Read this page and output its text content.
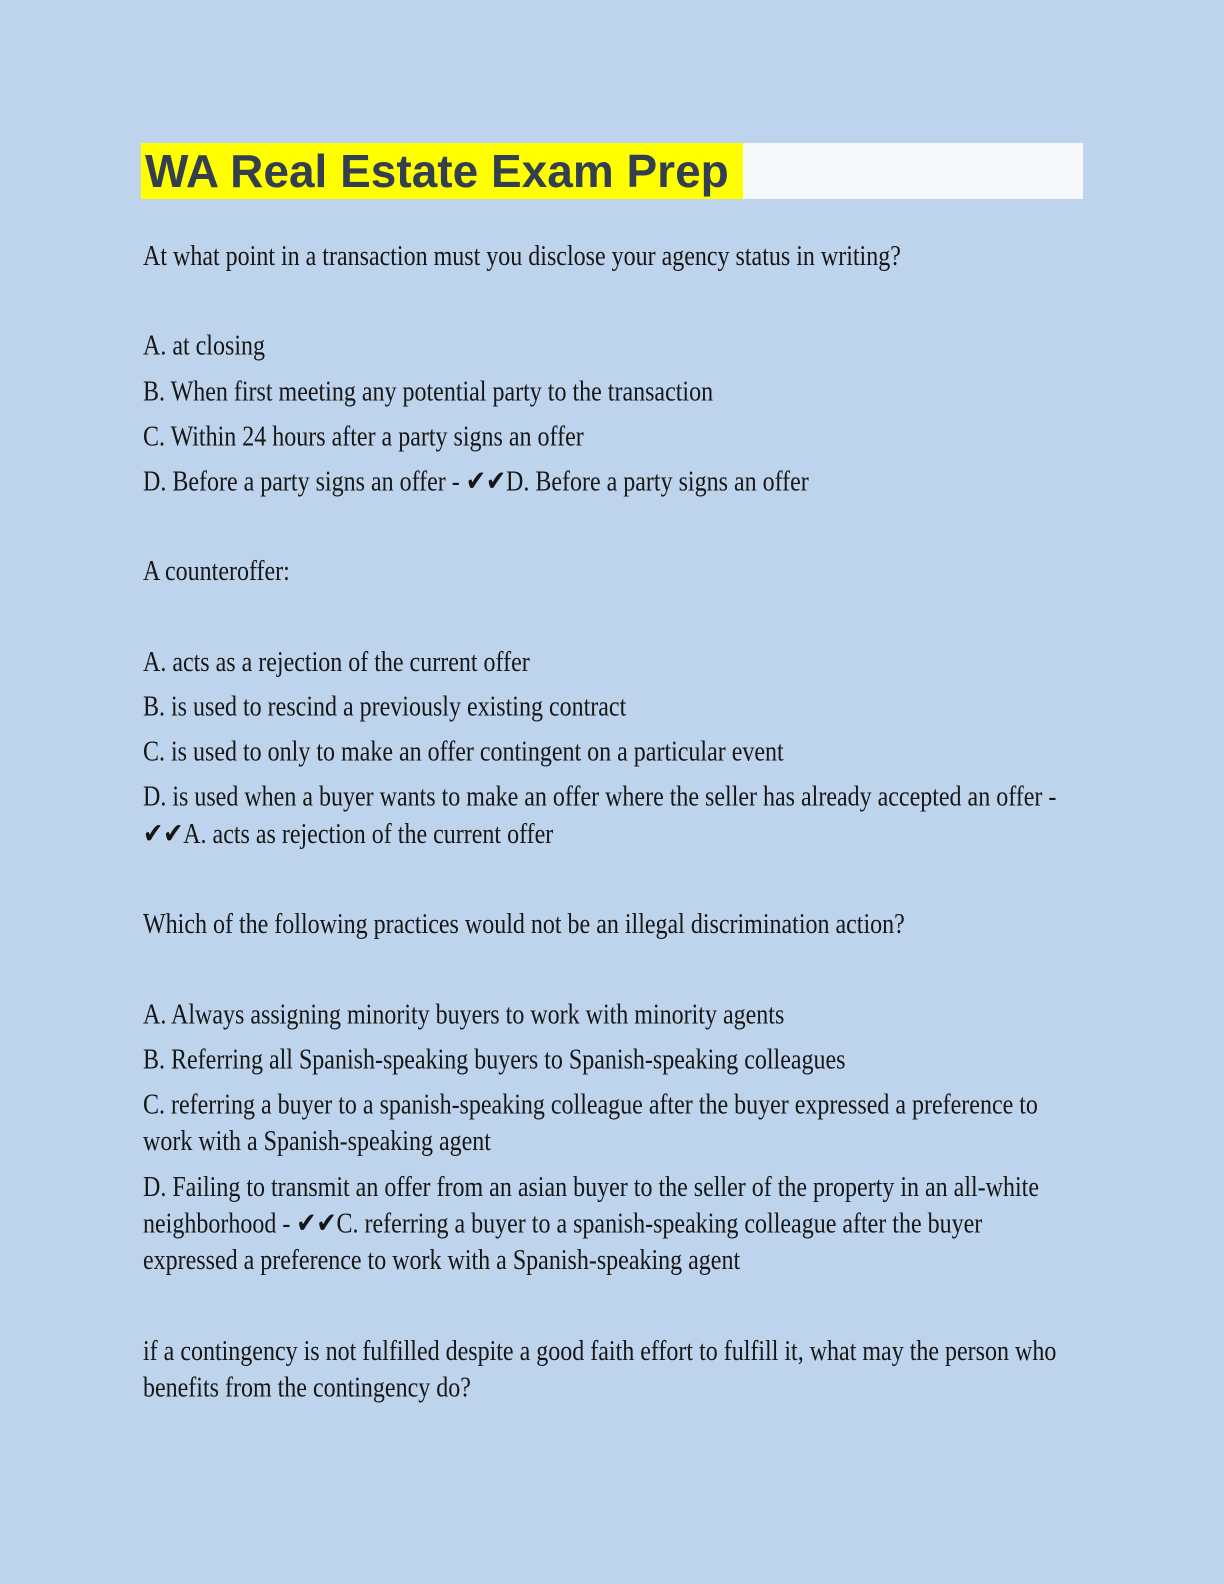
WA Real Estate Exam Prep

At what point in a transaction must you disclose your agency status in writing?

A. at closing

B. When first meeting any potential party to the transaction

C. Within 24 hours after a party signs an offer

D. Before a party signs an offer - ✔✔D. Before a party signs an offer

A counteroffer:

A. acts as a rejection of the current offer

B. is used to rescind a previously existing contract

C. is used to only to make an offer contingent on a particular event

D. is used when a buyer wants to make an offer where the seller has already accepted an offer - ✔✔A. acts as rejection of the current offer

Which of the following practices would not be an illegal discrimination action?

A. Always assigning minority buyers to work with minority agents

B. Referring all Spanish-speaking buyers to Spanish-speaking colleagues

C. referring a buyer to a spanish-speaking colleague after the buyer expressed a preference to work with a Spanish-speaking agent

D. Failing to transmit an offer from an asian buyer to the seller of the property in an all-white neighborhood - ✔✔C. referring a buyer to a spanish-speaking colleague after the buyer expressed a preference to work with a Spanish-speaking agent

if a contingency is not fulfilled despite a good faith effort to fulfill it, what may the person who benefits from the contingency do?
